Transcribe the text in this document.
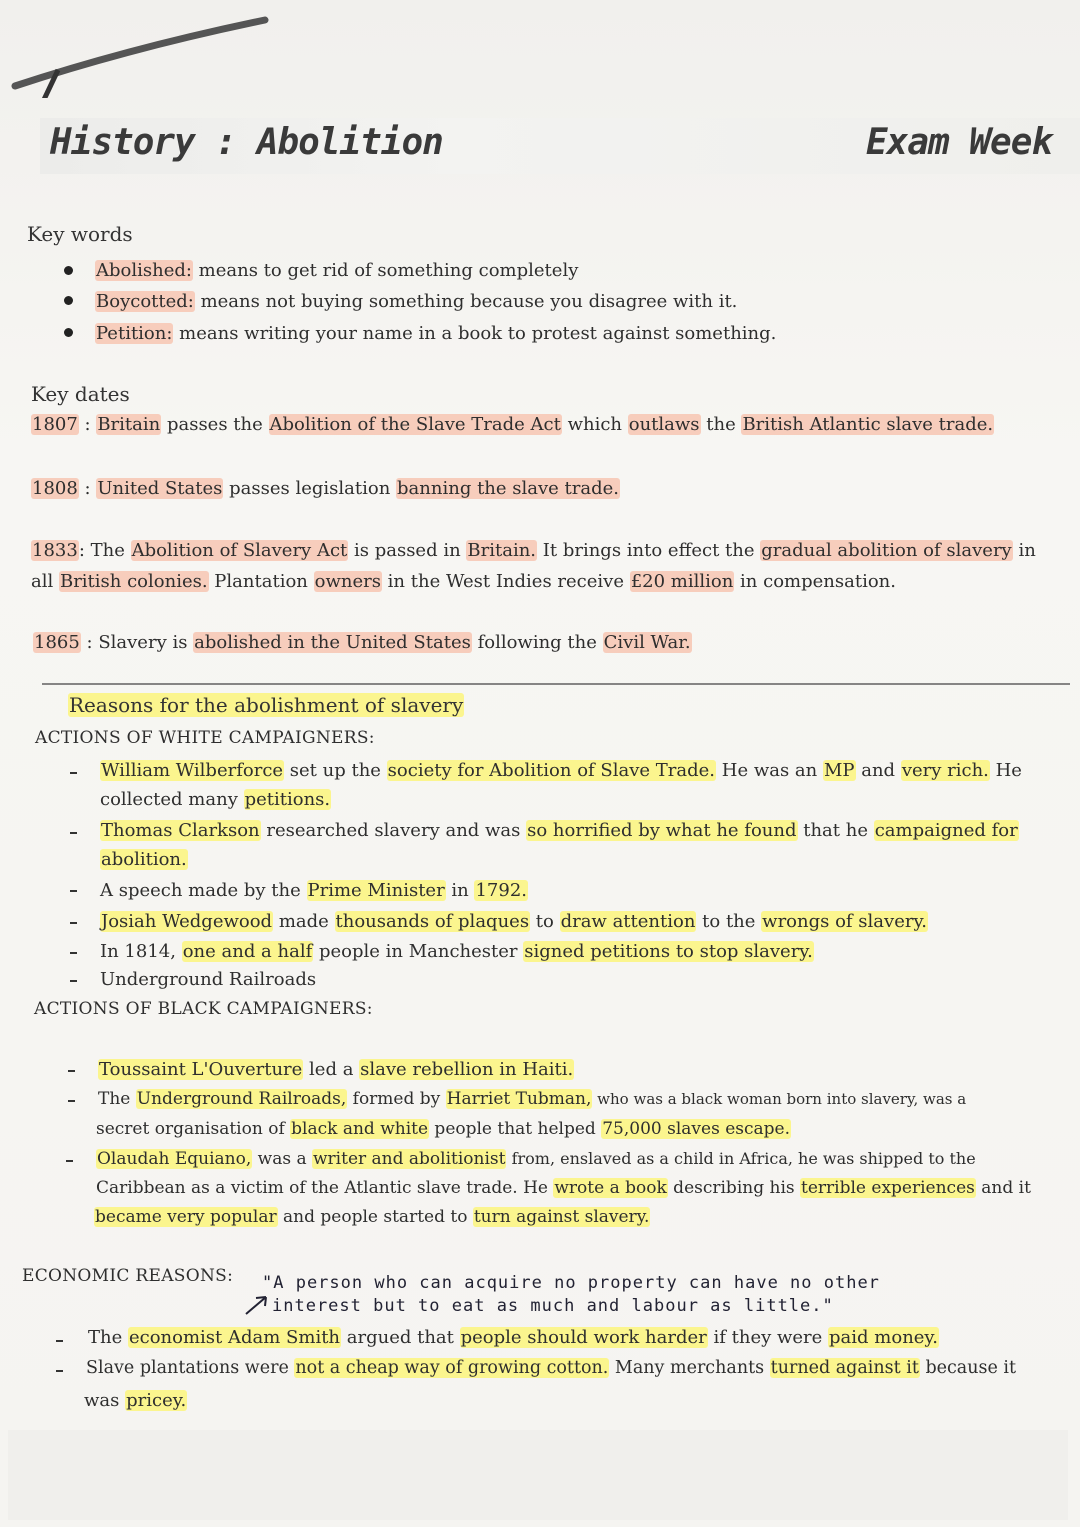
History : Abolition	Exam Week
Key words
Abolished: means to get rid of something completely
Boycotted: means not buying something because you disagree with it.
Petition: means writing your name in a book to protest against something.
Key dates
1807 : Britain passes the Abolition of the Slave Trade Act which outlaws the British Atlantic slave trade.
1808 : United States passes legislation banning the slave trade.
1833: The Abolition of Slavery Act is passed in Britain. It brings into effect the gradual abolition of slavery in
all British colonies. Plantation owners in the West Indies receive £20 million in compensation.
1865 : Slavery is abolished in the United States following the Civil War.
Reasons for the abolishment of slavery
ACTIONS OF WHITE CAMPAIGNERS:
William Wilberforce set up the society for Abolition of Slave Trade. He was an MP and very rich. He
collected many petitions.
Thomas Clarkson researched slavery and was so horrified by what he found that he campaigned for
abolition.
A speech made by the Prime Minister in 1792.
Josiah Wedgewood made thousands of plaques to draw attention to the wrongs of slavery.
In 1814, one and a half people in Manchester signed petitions to stop slavery.
Underground Railroads
ACTIONS OF BLACK CAMPAIGNERS:
Toussaint L'Ouverture led a slave rebellion in Haiti.
The Underground Railroads, formed by Harriet Tubman, who was a black woman born into slavery, was a
secret organisation of black and white people that helped 75,000 slaves escape.
Olaudah Equiano, was a writer and abolitionist from, enslaved as a child in Africa, he was shipped to the
Caribbean as a victim of the Atlantic slave trade. He wrote a book describing his terrible experiences and it
became very popular and people started to turn against slavery.
ECONOMIC REASONS: "A person who can acquire no property can have no other
interest but to eat as much and labour as little."
The economist Adam Smith argued that people should work harder if they were paid money.
Slave plantations were not a cheap way of growing cotton. Many merchants turned against it because it
was pricey.
